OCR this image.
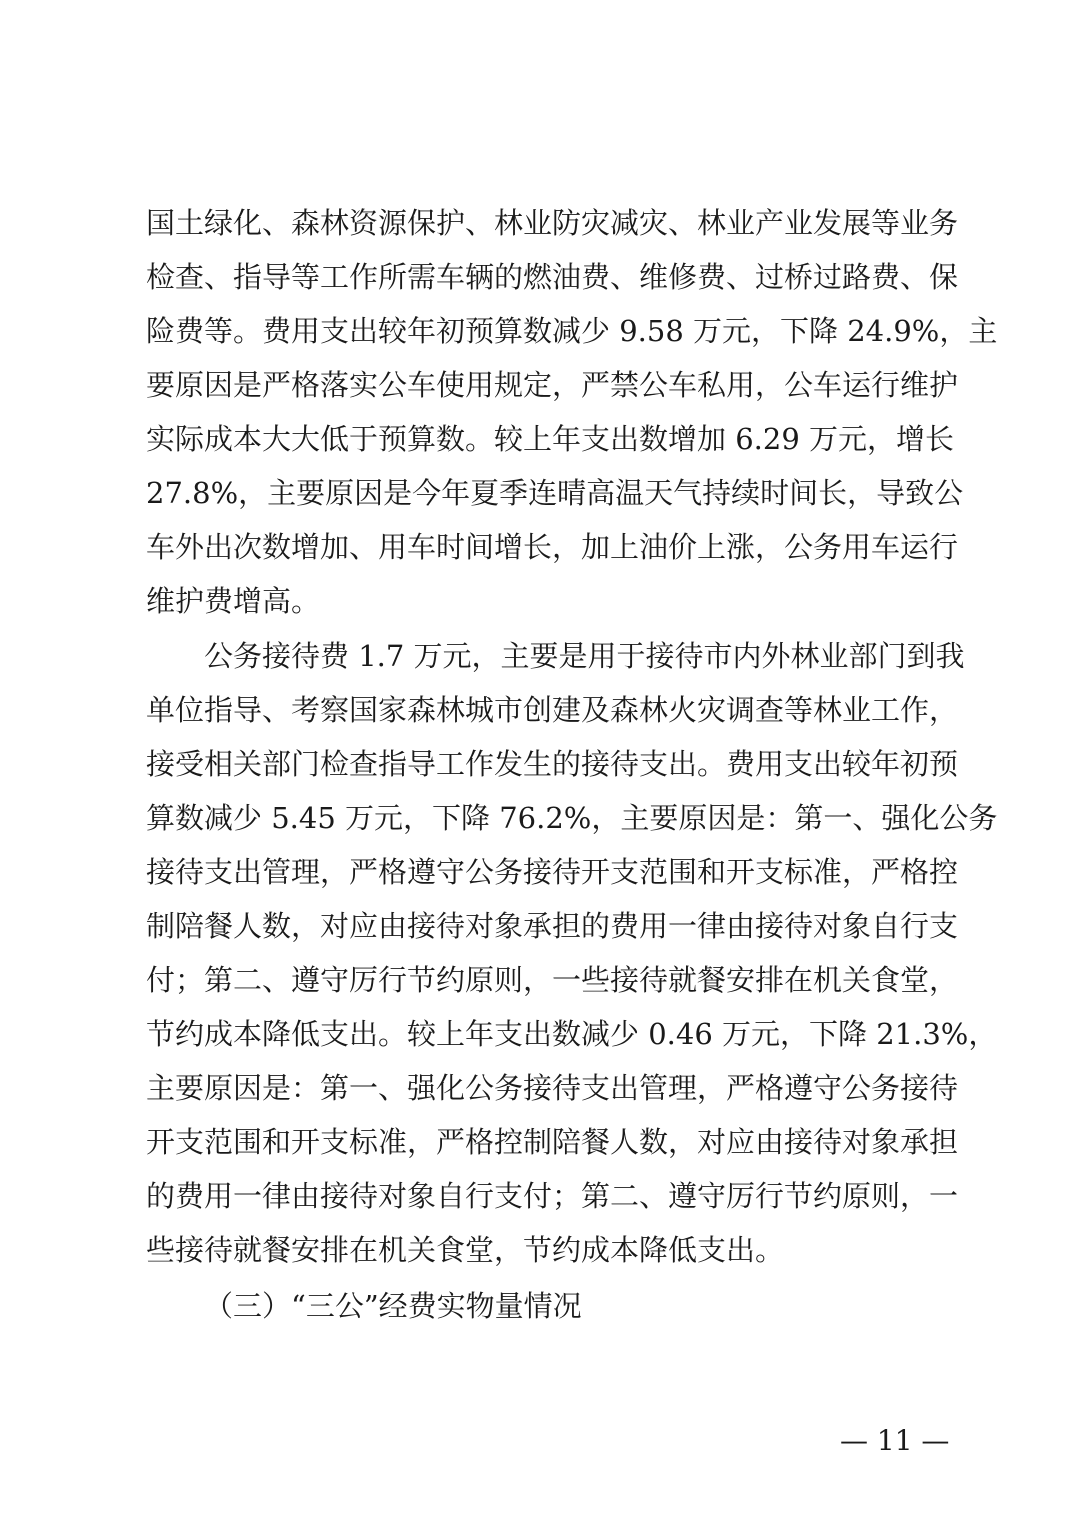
国土绿化、森林资源保护、林业防灾减灾、林业产业发展等业务
检查、指导等工作所需车辆的燃油费、维修费、过桥过路费、保
险费等。费用支出较年初预算数减少 9.58 万元，下降 24.9%，主
要原因是严格落实公车使用规定，严禁公车私用，公车运行维护
实际成本大大低于预算数。较上年支出数增加 6.29 万元，增长
27.8%，主要原因是今年夏季连晴高温天气持续时间长，导致公
车外出次数增加、用车时间增长，加上油价上涨，公务用车运行
维护费增高。
公务接待费 1.7 万元，主要是用于接待市内外林业部门到我
单位指导、考察国家森林城市创建及森林火灾调查等林业工作，
接受相关部门检查指导工作发生的接待支出。费用支出较年初预
算数减少 5.45 万元，下降 76.2%，主要原因是：第一、强化公务
接待支出管理，严格遵守公务接待开支范围和开支标准，严格控
制陪餐人数，对应由接待对象承担的费用一律由接待对象自行支
付；第二、遵守厉行节约原则，一些接待就餐安排在机关食堂，
节约成本降低支出。较上年支出数减少 0.46 万元，下降 21.3%，
主要原因是：第一、强化公务接待支出管理，严格遵守公务接待
开支范围和开支标准，严格控制陪餐人数，对应由接待对象承担
的费用一律由接待对象自行支付；第二、遵守厉行节约原则，一
些接待就餐安排在机关食堂，节约成本降低支出。
（三）“三公”经费实物量情况
— 11 —
